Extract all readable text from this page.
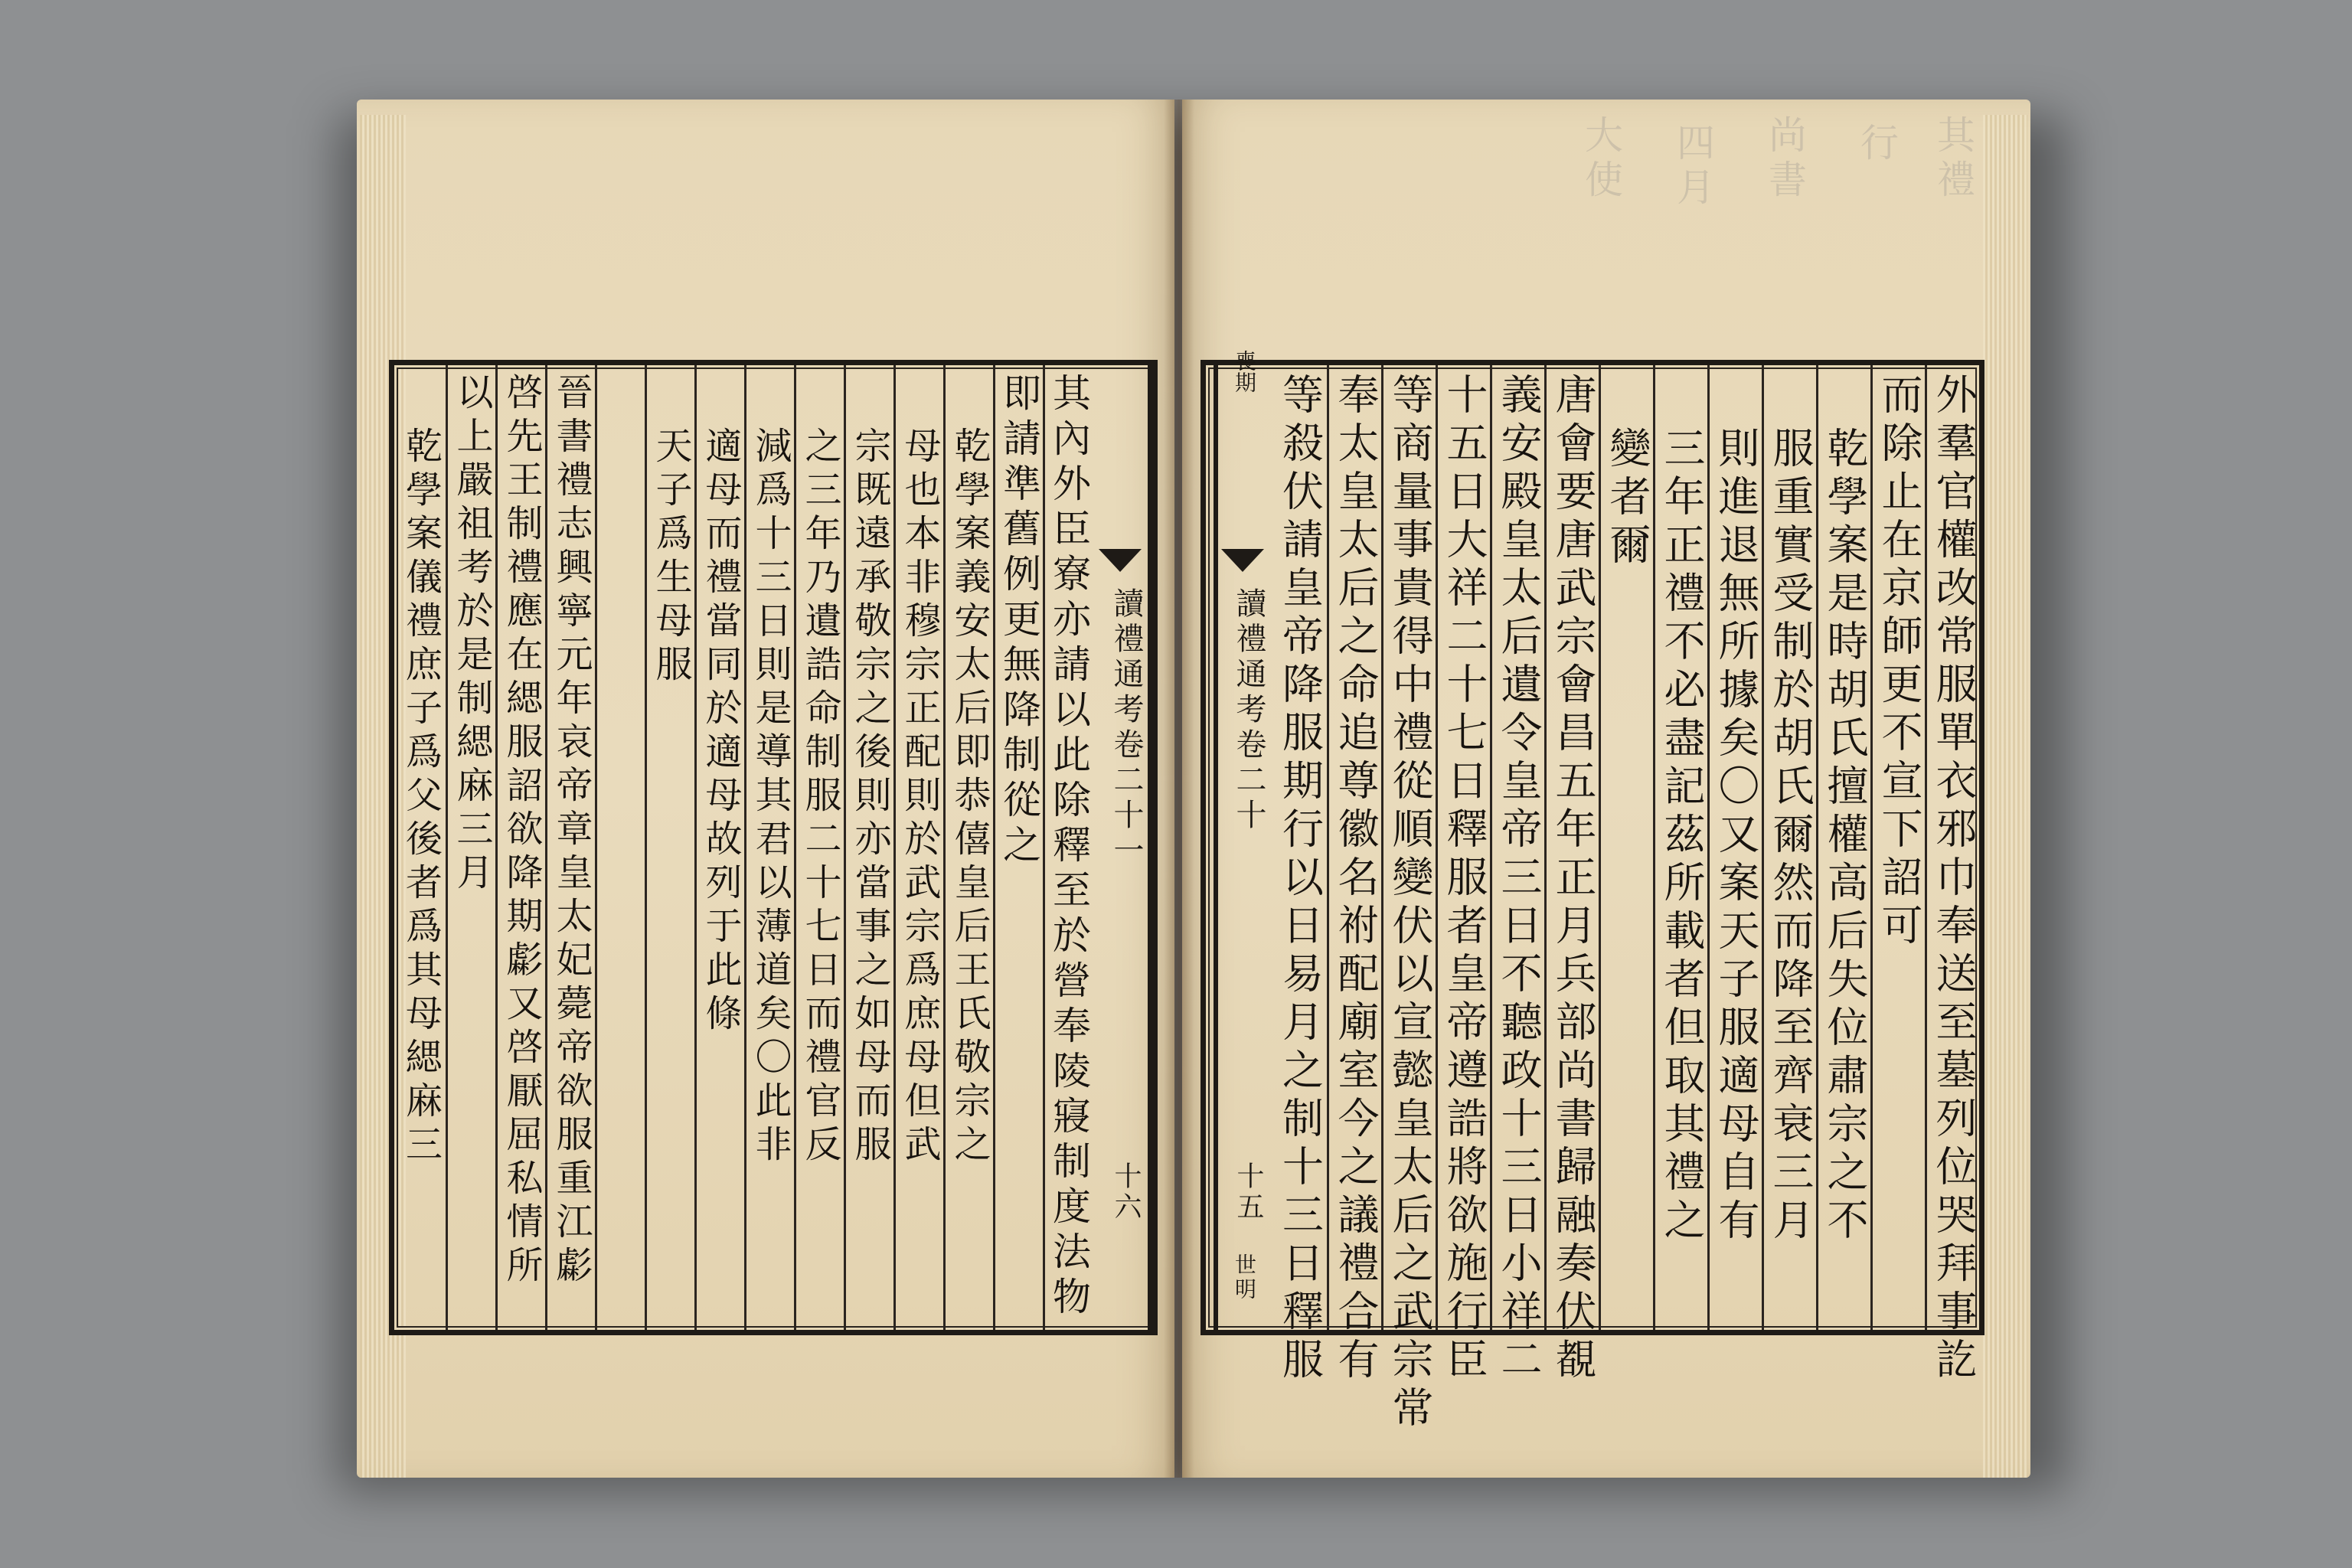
其禮
行
尚書
四月
大使
讀禮通考卷二十
十五
世明
喪期
外羣官權改常服單衣邪巾奉送至墓列位哭拜事訖
而除止在京師更不宣下詔可
乾學案是時胡氏擅權高后失位肅宗之不
服重實受制於胡氏爾然而降至齊衰三月
則進退無所據矣〇又案天子服適母自有
三年正禮不必盡記茲所載者但取其禮之
變者爾
唐會要唐武宗會昌五年正月兵部尚書歸融奏伏覩
義安殿皇太后遺令皇帝三日不聽政十三日小祥二
十五日大祥二十七日釋服者皇帝遵誥將欲施行臣
等商量事貴得中禮從順變伏以宣懿皇太后之武宗常
奉太皇太后之命追尊徽名祔配廟室今之議禮合有
等殺伏請皇帝降服期行以日易月之制十三日釋服
其內外臣寮亦請以此除釋至於營奉陵寢制度法物
即請準舊例更無降制從之
乾學案義安太后即恭僖皇后王氏敬宗之
母也本非穆宗正配則於武宗爲庶母但武
宗既遠承敬宗之後則亦當事之如母而服
之三年乃遺誥命制服二十七日而禮官反
減爲十三日則是導其君以薄道矣〇此非
適母而禮當同於適母故列于此條
天子爲生母服
晉書禮志興寧元年哀帝章皇太妃薨帝欲服重江虨
啓先王制禮應在緦服詔欲降期虨又啓厭屈私情所
以上嚴祖考於是制緦麻三月
乾學案儀禮庶子爲父後者爲其母緦麻三	讀禮通考卷二十一
十六
